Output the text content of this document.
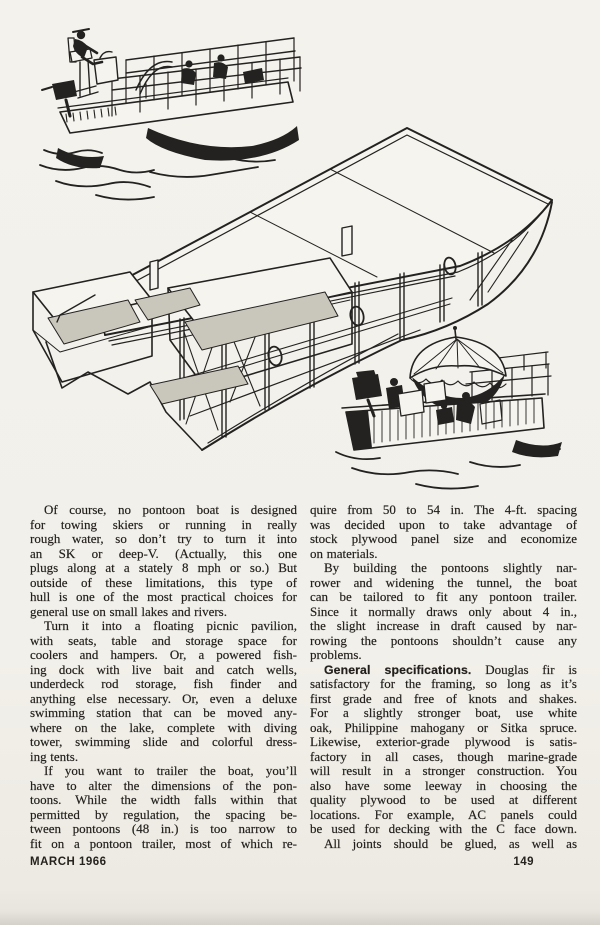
Of course, no pontoon boat is designed
for towing skiers or running in really
rough water, so don’t try to turn it into
an SK or deep-V. (Actually, this one
plugs along at a stately 8 mph or so.) But
outside of these limitations, this type of
hull is one of the most practical choices for
general use on small lakes and rivers.
Turn it into a floating picnic pavilion,
with seats, table and storage space for
coolers and hampers. Or, a powered fish-
ing dock with live bait and catch wells,
underdeck rod storage, fish finder and
anything else necessary. Or, even a deluxe
swimming station that can be moved any-
where on the lake, complete with diving
tower, swimming slide and colorful dress-
ing tents.
If you want to trailer the boat, you’ll
have to alter the dimensions of the pon-
toons. While the width falls within that
permitted by regulation, the spacing be-
tween pontoons (48 in.) is too narrow to
fit on a pontoon trailer, most of which re-
quire from 50 to 54 in. The 4-ft. spacing
was decided upon to take advantage of
stock plywood panel size and economize
on materials.
By building the pontoons slightly nar-
rower and widening the tunnel, the boat
can be tailored to fit any pontoon trailer.
Since it normally draws only about 4 in.,
the slight increase in draft caused by nar-
rowing the pontoons shouldn’t cause any
problems.
General specifications. Douglas fir is
satisfactory for the framing, so long as it’s
first grade and free of knots and shakes.
For a slightly stronger boat, use white
oak, Philippine mahogany or Sitka spruce.
Likewise, exterior-grade plywood is satis-
factory in all cases, though marine-grade
will result in a stronger construction. You
also have some leeway in choosing the
quality plywood to be used at different
locations. For example, AC panels could
be used for decking with the C face down.
All joints should be glued, as well as
MARCH 1966	149
